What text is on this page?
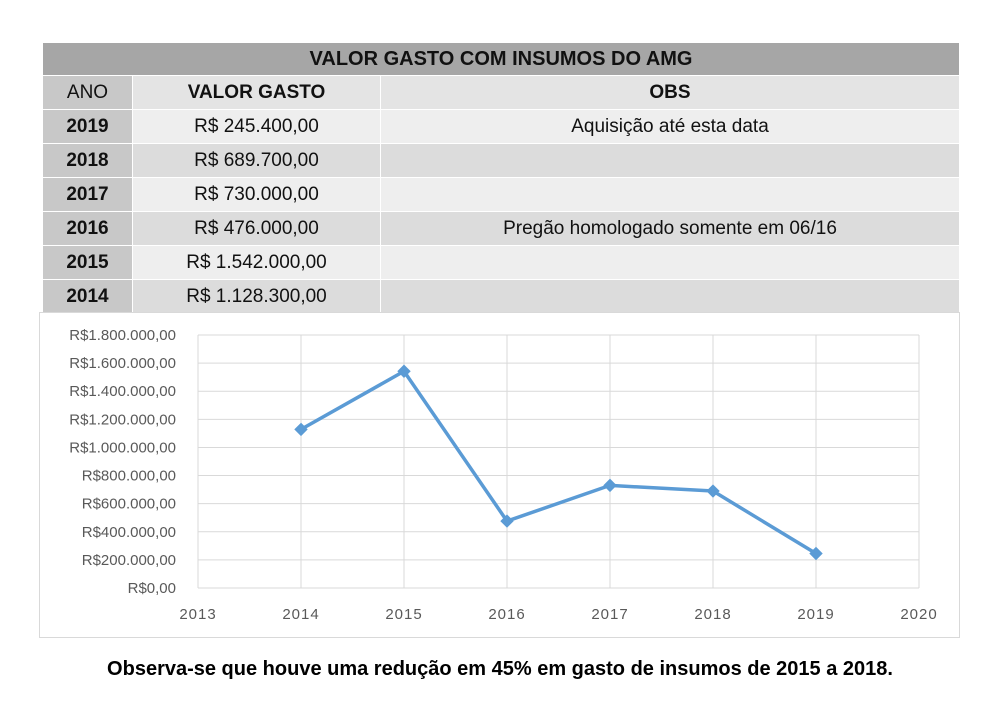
VALOR GASTO COM INSUMOS DO AMG		
ANO	VALOR GASTO	OBS
2019	R$ 245.400,00	Aquisição até esta data
2018	R$ 689.700,00	
2017	R$ 730.000,00	
2016	R$ 476.000,00	Pregão homologado somente em 06/16
2015	R$ 1.542.000,00	
2014	R$ 1.128.300,00	
R$0,00
R$200.000,00
R$400.000,00
R$600.000,00
R$800.000,00
R$1.000.000,00
R$1.200.000,00
R$1.400.000,00
R$1.600.000,00
R$1.800.000,00
2013	2014	2015	2016	2017	2018	2019	2020
Observa-se que houve uma redução em 45% em gasto de insumos de 2015 a 2018.
